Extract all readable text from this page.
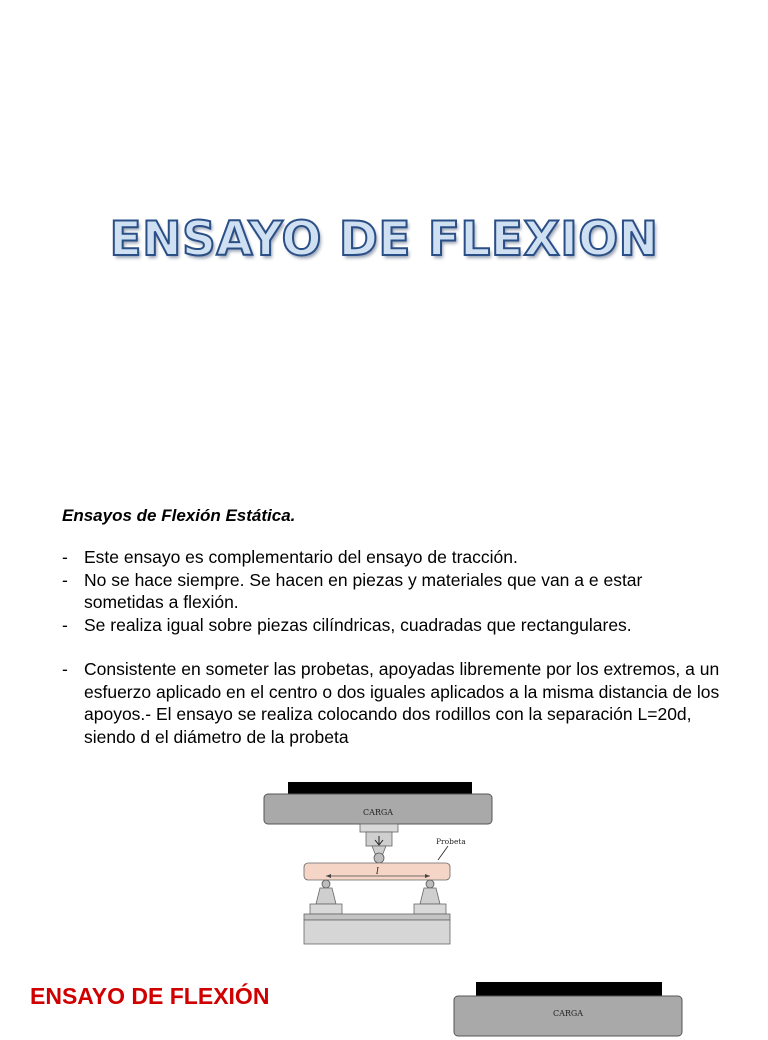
ENSAYO DE FLEXION
Ensayos de Flexión Estática.
- Este ensayo es complementario del ensayo de tracción.
- No se hace siempre. Se hacen en piezas y materiales que van a e estar sometidas a flexión.
- Se realiza igual sobre piezas cilíndricas, cuadradas que rectangulares.
- Consistente en someter las probetas, apoyadas libremente por los extremos, a un esfuerzo aplicado en el centro o dos iguales aplicados a la misma distancia de los apoyos.- El ensayo se realiza colocando dos rodillos con la separación L=20d, siendo d el diámetro de la probeta
CARGA
Probeta
l
CARGA
ENSAYO DE FLEXIÓN
